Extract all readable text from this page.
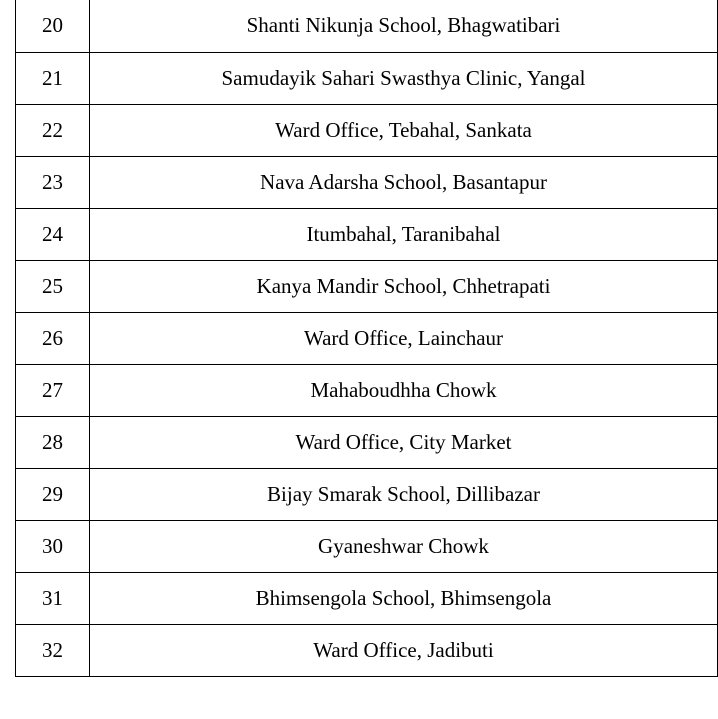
20	Shanti Nikunja School, Bhagwatibari
21	Samudayik Sahari Swasthya Clinic, Yangal
22	Ward Office, Tebahal, Sankata
23	Nava Adarsha School, Basantapur
24	Itumbahal, Taranibahal
25	Kanya Mandir School, Chhetrapati
26	Ward Office, Lainchaur
27	Mahaboudhha Chowk
28	Ward Office, City Market
29	Bijay Smarak School, Dillibazar
30	Gyaneshwar Chowk
31	Bhimsengola School, Bhimsengola
32	Ward Office, Jadibuti
